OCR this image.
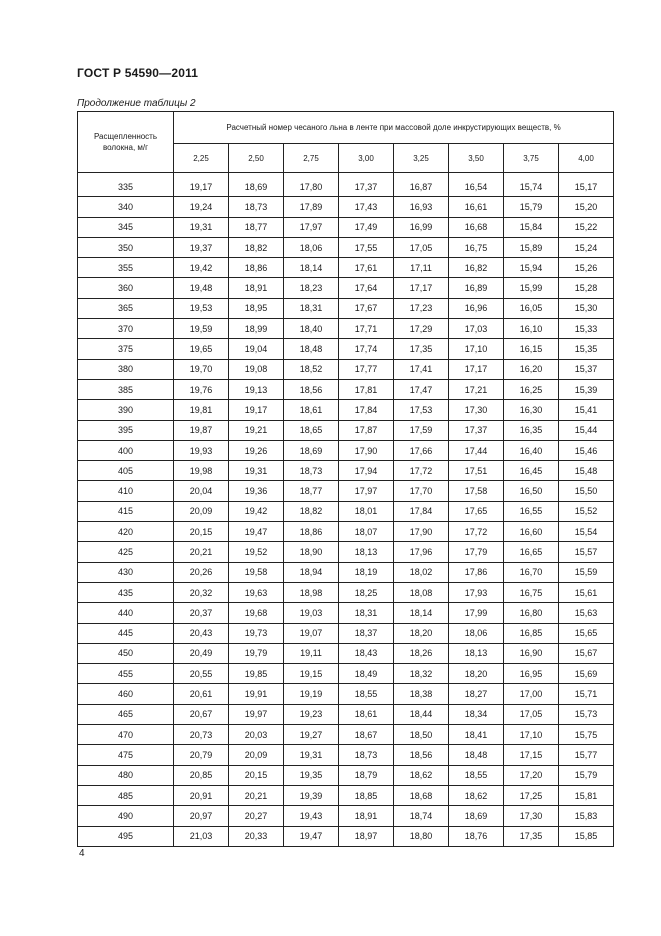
ГОСТ Р 54590—2011
Продолжение таблицы 2
Расщепленность волокна, м/г	Расчетный номер чесаного льна в ленте при массовой доле инкрустирующих веществ, %							
	2,25	2,50	2,75	3,00	3,25	3,50	3,75	4,00

335	19,17	18,69	17,80	17,37	16,87	16,54	15,74	15,17
340	19,24	18,73	17,89	17,43	16,93	16,61	15,79	15,20
345	19,31	18,77	17,97	17,49	16,99	16,68	15,84	15,22
350	19,37	18,82	18,06	17,55	17,05	16,75	15,89	15,24
355	19,42	18,86	18,14	17,61	17,11	16,82	15,94	15,26
360	19,48	18,91	18,23	17,64	17,17	16,89	15,99	15,28
365	19,53	18,95	18,31	17,67	17,23	16,96	16,05	15,30
370	19,59	18,99	18,40	17,71	17,29	17,03	16,10	15,33
375	19,65	19,04	18,48	17,74	17,35	17,10	16,15	15,35
380	19,70	19,08	18,52	17,77	17,41	17,17	16,20	15,37
385	19,76	19,13	18,56	17,81	17,47	17,21	16,25	15,39
390	19,81	19,17	18,61	17,84	17,53	17,30	16,30	15,41
395	19,87	19,21	18,65	17,87	17,59	17,37	16,35	15,44
400	19,93	19,26	18,69	17,90	17,66	17,44	16,40	15,46
405	19,98	19,31	18,73	17,94	17,72	17,51	16,45	15,48
410	20,04	19,36	18,77	17,97	17,70	17,58	16,50	15,50
415	20,09	19,42	18,82	18,01	17,84	17,65	16,55	15,52
420	20,15	19,47	18,86	18,07	17,90	17,72	16,60	15,54
425	20,21	19,52	18,90	18,13	17,96	17,79	16,65	15,57
430	20,26	19,58	18,94	18,19	18,02	17,86	16,70	15,59
435	20,32	19,63	18,98	18,25	18,08	17,93	16,75	15,61
440	20,37	19,68	19,03	18,31	18,14	17,99	16,80	15,63
445	20,43	19,73	19,07	18,37	18,20	18,06	16,85	15,65
450	20,49	19,79	19,11	18,43	18,26	18,13	16,90	15,67
455	20,55	19,85	19,15	18,49	18,32	18,20	16,95	15,69
460	20,61	19,91	19,19	18,55	18,38	18,27	17,00	15,71
465	20,67	19,97	19,23	18,61	18,44	18,34	17,05	15,73
470	20,73	20,03	19,27	18,67	18,50	18,41	17,10	15,75
475	20,79	20,09	19,31	18,73	18,56	18,48	17,15	15,77
480	20,85	20,15	19,35	18,79	18,62	18,55	17,20	15,79
485	20,91	20,21	19,39	18,85	18,68	18,62	17,25	15,81
490	20,97	20,27	19,43	18,91	18,74	18,69	17,30	15,83
495	21,03	20,33	19,47	18,97	18,80	18,76	17,35	15,85
4
